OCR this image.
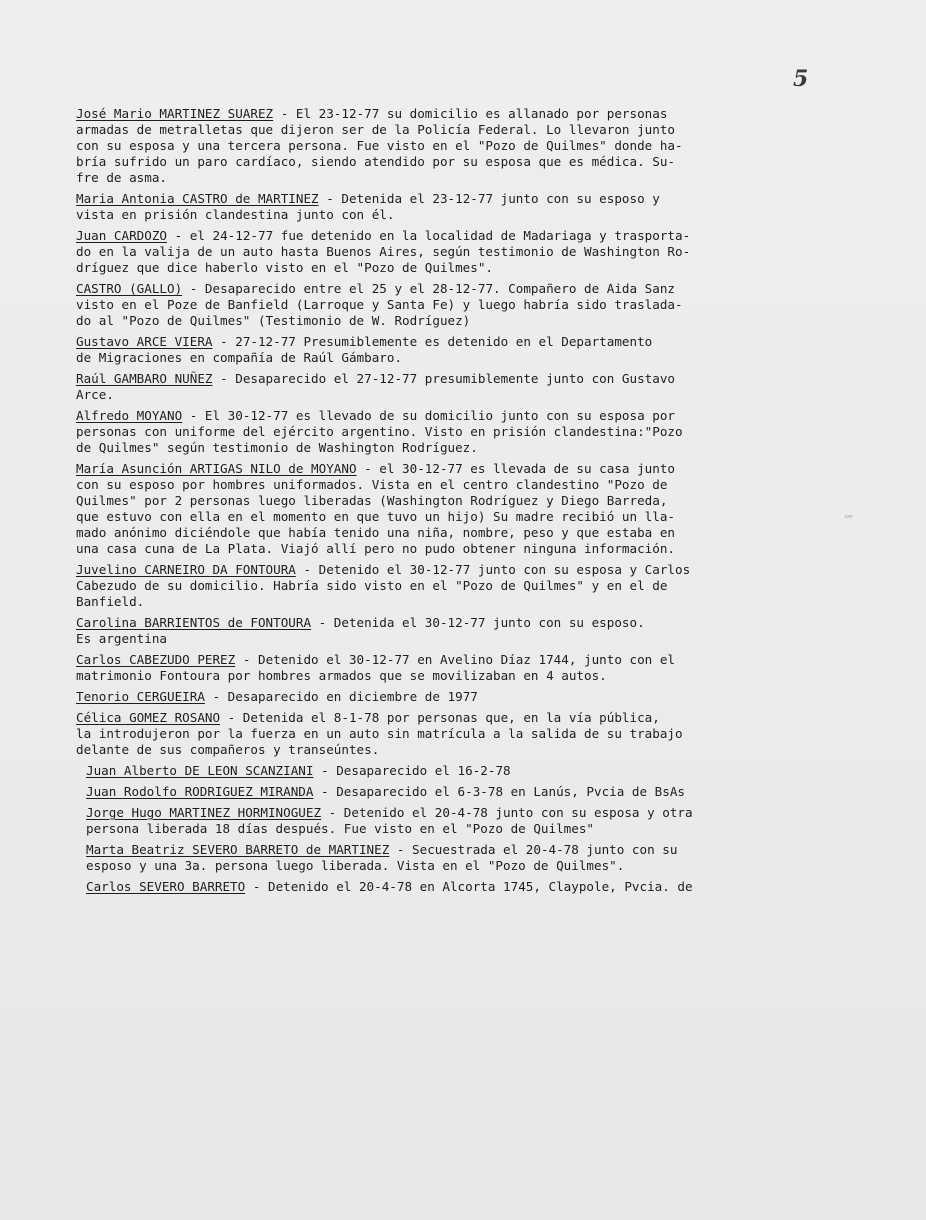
5

José Mario MARTINEZ SUAREZ - El 23-12-77 su domicilio es allanado por personas
armadas de metralletas que dijeron ser de la Policía Federal. Lo llevaron junto
con su esposa y una tercera persona. Fue visto en el "Pozo de Quilmes" donde ha-
bría sufrido un paro cardíaco, siendo atendido por su esposa que es médica. Su-
fre de asma.

Maria Antonia CASTRO de MARTINEZ - Detenida el 23-12-77 junto con su esposo y
vista en prisión clandestina junto con él.

Juan CARDOZO - el 24-12-77 fue detenido en la localidad de Madariaga y trasporta-
do en la valija de un auto hasta Buenos Aires, según testimonio de Washington Ro-
dríguez que dice haberlo visto en el "Pozo de Quilmes".

CASTRO (GALLO) - Desaparecido entre el 25 y el 28-12-77. Compañero de Aida Sanz
visto en el Poze de Banfield (Larroque y Santa Fe) y luego habría sido traslada-
do al "Pozo de Quilmes" (Testimonio de W. Rodríguez)

Gustavo ARCE VIERA - 27-12-77 Presumiblemente es detenido en el Departamento
de Migraciones en compañía de Raúl Gámbaro.

Raúl GAMBARO NUÑEZ - Desaparecido el 27-12-77 presumiblemente junto con Gustavo
Arce.

Alfredo MOYANO - El 30-12-77 es llevado de su domicilio junto con su esposa por
personas con uniforme del ejército argentino. Visto en prisión clandestina:"Pozo
de Quilmes" según testimonio de Washington Rodríguez.

María Asunción ARTIGAS NILO de MOYANO - el 30-12-77 es llevada de su casa junto
con su esposo por hombres uniformados. Vista en el centro clandestino "Pozo de
Quilmes" por 2 personas luego liberadas (Washington Rodríguez y Diego Barreda,
que estuvo con ella en el momento en que tuvo un hijo) Su madre recibió un lla-
mado anónimo diciéndole que había tenido una niña, nombre, peso y que estaba en
una casa cuna de La Plata. Viajó allí pero no pudo obtener ninguna información.

Juvelino CARNEIRO DA FONTOURA - Detenido el 30-12-77 junto con su esposa y Carlos
Cabezudo de su domicilio. Habría sido visto en el "Pozo de Quilmes" y en el de
Banfield.

Carolina BARRIENTOS de FONTOURA - Detenida el 30-12-77 junto con su esposo.
Es argentina

Carlos CABEZUDO PEREZ - Detenido el 30-12-77 en Avelino Díaz 1744, junto con el
matrimonio Fontoura por hombres armados que se movilizaban en 4 autos.

Tenorio CERGUEIRA - Desaparecido en diciembre de 1977

Célica GOMEZ ROSANO - Detenida el 8-1-78 por personas que, en la vía pública,
la introdujeron por la fuerza en un auto sin matrícula a la salida de su trabajo
delante de sus compañeros y transeúntes.

Juan Alberto DE LEON SCANZIANI - Desaparecido el 16-2-78

Juan Rodolfo RODRIGUEZ MIRANDA - Desaparecido el 6-3-78 en Lanús, Pvcia de BsAs

Jorge Hugo MARTINEZ HORMINOGUEZ - Detenido el 20-4-78 junto con su esposa y otra
persona liberada 18 días después. Fue visto en el "Pozo de Quilmes"

Marta Beatriz SEVERO BARRETO de MARTINEZ - Secuestrada el 20-4-78 junto con su
esposo y una 3a. persona luego liberada. Vista en el "Pozo de Quilmes".

Carlos SEVERO BARRETO - Detenido el 20-4-78 en Alcorta 1745, Claypole, Pvcia. de

‴
